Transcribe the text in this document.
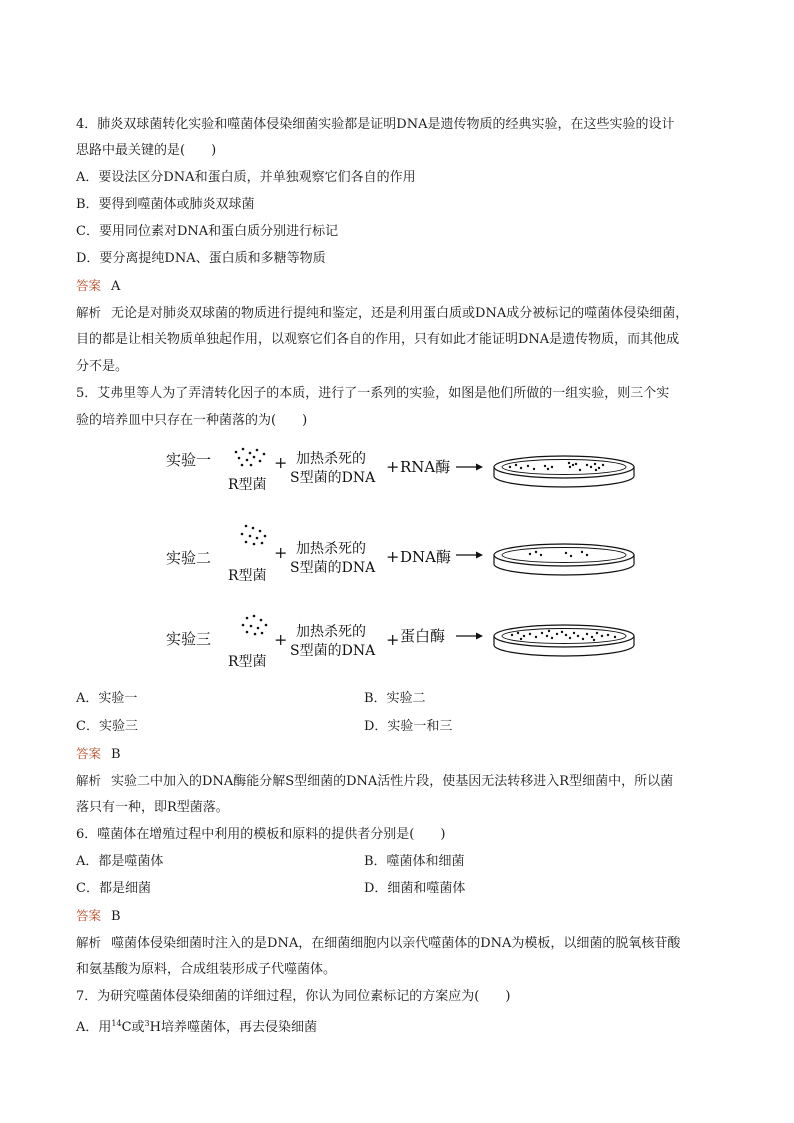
4．肺炎双球菌转化实验和噬菌体侵染细菌实验都是证明DNA是遗传物质的经典实验，在这些实验的设计
思路中最关键的是(　　)
A．要设法区分DNA和蛋白质，并单独观察它们各自的作用
B．要得到噬菌体或肺炎双球菌
C．要用同位素对DNA和蛋白质分别进行标记
D．要分离提纯DNA、蛋白质和多糖等物质
答案 A
解析 无论是对肺炎双球菌的物质进行提纯和鉴定，还是利用蛋白质或DNA成分被标记的噬菌体侵染细菌，
目的都是让相关物质单独起作用，以观察它们各自的作用，只有如此才能证明DNA是遗传物质，而其他成
分不是。
5．艾弗里等人为了弄清转化因子的本质，进行了一系列的实验，如图是他们所做的一组实验，则三个实
验的培养皿中只存在一种菌落的为(　　)
实验一
R型菌
+ 加热杀死的
S型菌的DNA
+ RNA酶
实验二
R型菌
+ 加热杀死的
S型菌的DNA
+ DNA酶
实验三
R型菌
+ 加热杀死的
S型菌的DNA
+ 蛋白酶
A．实验一	B．实验二
C．实验三	D．实验一和三
答案 B
解析 实验二中加入的DNA酶能分解S型细菌的DNA活性片段，使基因无法转移进入R型细菌中，所以菌
落只有一种，即R型菌落。
6．噬菌体在增殖过程中利用的模板和原料的提供者分别是(　　)
A．都是噬菌体	B．噬菌体和细菌
C．都是细菌	D．细菌和噬菌体
答案 B
解析 噬菌体侵染细菌时注入的是DNA，在细菌细胞内以亲代噬菌体的DNA为模板，以细菌的脱氧核苷酸
和氨基酸为原料，合成组装形成子代噬菌体。
7．为研究噬菌体侵染细菌的详细过程，你认为同位素标记的方案应为(　　)
A．用$^{14}$C或$^3$H培养噬菌体，再去侵染细菌
